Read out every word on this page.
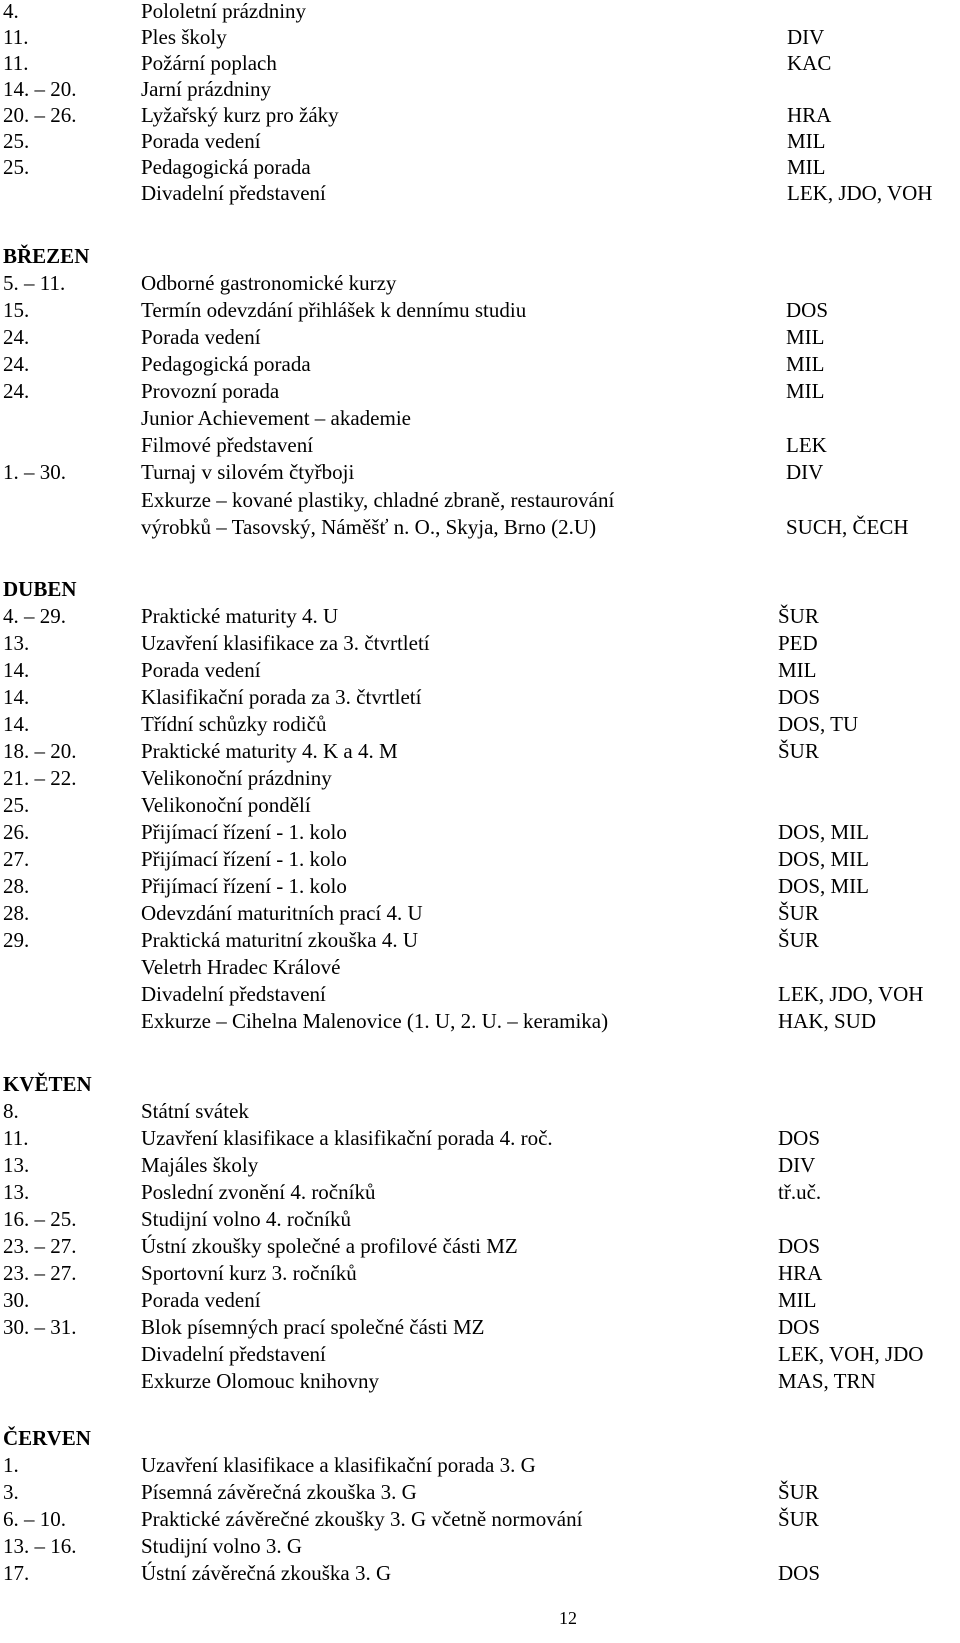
4.	Pololetní prázdniny
11.	Ples školy	DIV
11.	Požární poplach	KAC
14. – 20.	Jarní prázdniny
20. – 26.	Lyžařský kurz pro žáky	HRA
25.	Porada vedení	MIL
25.	Pedagogická porada	MIL
Divadelní představení	LEK, JDO, VOH
BŘEZEN
5. – 11.	Odborné gastronomické kurzy
15.	Termín odevzdání přihlášek k dennímu studiu	DOS
24.	Porada vedení	MIL
24.	Pedagogická porada	MIL
24.	Provozní porada	MIL
Junior Achievement – akademie
Filmové představení	LEK
1. – 30.	Turnaj v silovém čtyřboji	DIV
Exkurze – kované plastiky, chladné zbraně, restaurování
výrobků – Tasovský, Náměšť n. O., Skyja, Brno (2.U)	SUCH, ČECH
DUBEN
4. – 29.	Praktické maturity 4. U	ŠUR
13.	Uzavření klasifikace za 3. čtvrtletí	PED
14.	Porada vedení	MIL
14.	Klasifikační porada za 3. čtvrtletí	DOS
14.	Třídní schůzky rodičů	DOS, TU
18. – 20.	Praktické maturity 4. K a 4. M	ŠUR
21. – 22.	Velikonoční prázdniny
25.	Velikonoční pondělí
26.	Přijímací řízení - 1. kolo	DOS, MIL
27.	Přijímací řízení - 1. kolo	DOS, MIL
28.	Přijímací řízení - 1. kolo	DOS, MIL
28.	Odevzdání maturitních prací 4. U	ŠUR
29.	Praktická maturitní zkouška 4. U	ŠUR
Veletrh Hradec Králové
Divadelní představení	LEK, JDO, VOH
Exkurze – Cihelna Malenovice (1. U, 2. U. – keramika)	HAK, SUD
KVĚTEN
8.	Státní svátek
11.	Uzavření klasifikace a klasifikační porada 4. roč.	DOS
13.	Majáles školy	DIV
13.	Poslední zvonění 4. ročníků	tř.uč.
16. – 25.	Studijní volno 4. ročníků
23. – 27.	Ústní zkoušky společné a profilové části MZ	DOS
23. – 27.	Sportovní kurz 3. ročníků	HRA
30.	Porada vedení	MIL
30. – 31.	Blok písemných prací společné části MZ	DOS
Divadelní představení	LEK, VOH, JDO
Exkurze Olomouc knihovny	MAS, TRN
ČERVEN
1.	Uzavření klasifikace a klasifikační porada 3. G
3.	Písemná závěrečná zkouška 3. G	ŠUR
6. – 10.	Praktické závěrečné zkoušky 3. G včetně normování	ŠUR
13. – 16.	Studijní volno 3. G
17.	Ústní závěrečná zkouška 3. G	DOS
12
